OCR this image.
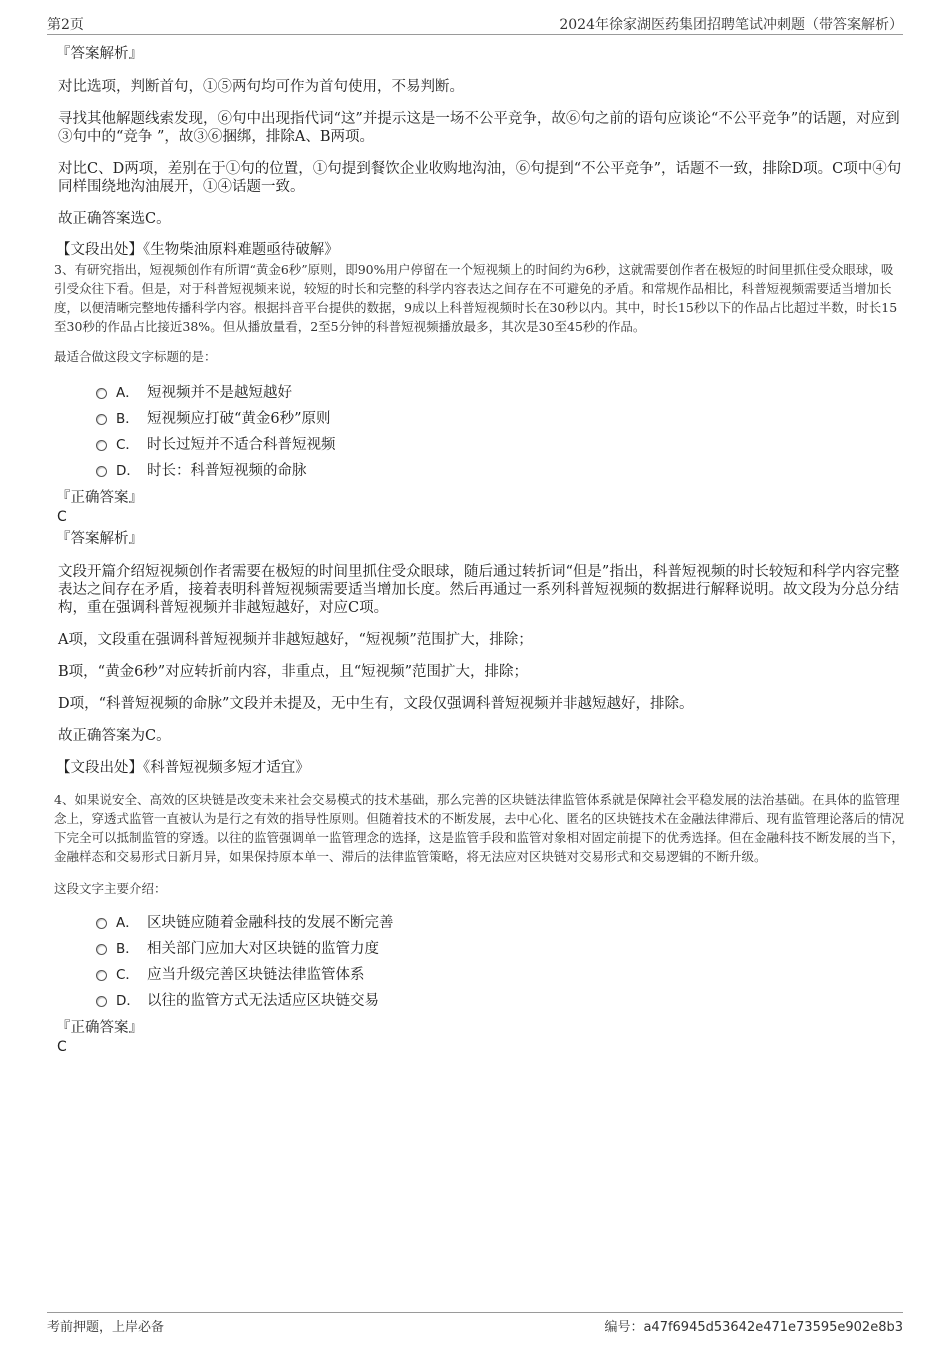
第2页	2024年徐家湖医药集团招聘笔试冲刺题（带答案解析）

『答案解析』

对比选项，判断首句，①⑤两句均可作为首句使用，不易判断。

寻找其他解题线索发现，⑥句中出现指代词“这”并提示这是一场不公平竞争，故⑥句之前的语句应谈论“不公平竞争”的话题，对应到③句中的“竞争 ”，故③⑥捆绑，排除A、B两项。

对比C、D两项，差别在于①句的位置，①句提到餐饮企业收购地沟油，⑥句提到“不公平竞争”，话题不一致，排除D项。C项中④句同样围绕地沟油展开，①④话题一致。

故正确答案选C。

【文段出处】《生物柴油原料难题亟待破解》

3、有研究指出，短视频创作有所谓“黄金6秒”原则，即90%用户停留在一个短视频上的时间约为6秒，这就需要创作者在极短的时间里抓住受众眼球，吸引受众往下看。但是，对于科普短视频来说，较短的时长和完整的科学内容表达之间存在不可避免的矛盾。和常规作品相比，科普短视频需要适当增加长度，以便清晰完整地传播科学内容。根据抖音平台提供的数据，9成以上科普短视频时长在30秒以内。其中，时长15秒以下的作品占比超过半数，时长15至30秒的作品占比接近38%。但从播放量看，2至5分钟的科普短视频播放最多，其次是30至45秒的作品。

最适合做这段文字标题的是：

A． 短视频并不是越短越好
B． 短视频应打破“黄金6秒”原则
C． 时长过短并不适合科普短视频
D． 时长：科普短视频的命脉

『正确答案』

C

『答案解析』

文段开篇介绍短视频创作者需要在极短的时间里抓住受众眼球，随后通过转折词“但是”指出，科普短视频的时长较短和科学内容完整表达之间存在矛盾，接着表明科普短视频需要适当增加长度。然后再通过一系列科普短视频的数据进行解释说明。故文段为分总分结构，重在强调科普短视频并非越短越好，对应C项。

A项，文段重在强调科普短视频并非越短越好，“短视频”范围扩大，排除；

B项，“黄金6秒”对应转折前内容，非重点，且“短视频”范围扩大，排除；

D项，“科普短视频的命脉”文段并未提及，无中生有，文段仅强调科普短视频并非越短越好，排除。

故正确答案为C。

【文段出处】《科普短视频多短才适宜》

4、如果说安全、高效的区块链是改变未来社会交易模式的技术基础，那么完善的区块链法律监管体系就是保障社会平稳发展的法治基础。在具体的监管理念上，穿透式监管一直被认为是行之有效的指导性原则。但随着技术的不断发展，去中心化、匿名的区块链技术在金融法律滞后、现有监管理论落后的情况下完全可以抵制监管的穿透。以往的监管强调单一监管理念的选择，这是监管手段和监管对象相对固定前提下的优秀选择。但在金融科技不断发展的当下，金融样态和交易形式日新月异，如果保持原本单一、滞后的法律监管策略，将无法应对区块链对交易形式和交易逻辑的不断升级。

这段文字主要介绍：

A． 区块链应随着金融科技的发展不断完善
B． 相关部门应加大对区块链的监管力度
C． 应当升级完善区块链法律监管体系
D． 以往的监管方式无法适应区块链交易

『正确答案』

C

考前押题，上岸必备	编号：a47f6945d53642e471e73595e902e8b3
